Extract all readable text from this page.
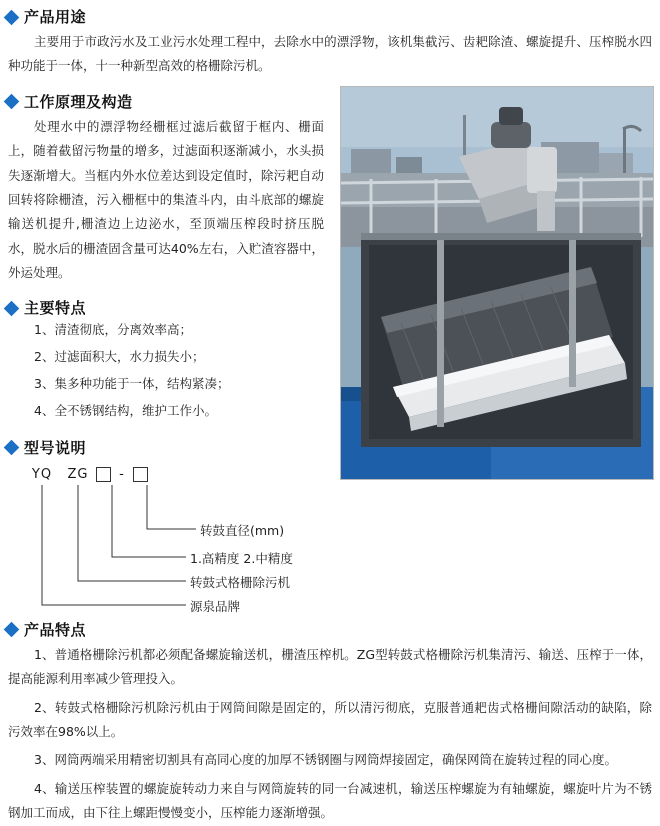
产品用途
主要用于市政污水及工业污水处理工程中，去除水中的漂浮物，该机集截污、齿耙除渣、螺旋提升、压榨脱水四种功能于一体，十一种新型高效的格栅除污机。
工作原理及构造
处理水中的漂浮物经栅框过滤后截留于框内、栅面上，随着截留污物量的增多，过滤面积逐渐减小，水头损失逐渐增大。当框内外水位差达到设定值时，除污耙自动回转将除栅渣，污入栅框中的集渣斗内，由斗底部的螺旋输送机提升,栅渣边上边泌水，至顶端压榨段时挤压脱水，脱水后的栅渣固含量可达40%左右，入贮渣容器中，外运处理。
主要特点
1、清渣彻底，分离效率高；
2、过滤面积大，水力损失小；
3、集多种功能于一体，结构紧凑；
4、全不锈钢结构，维护工作小。
型号说明
YQ	ZG	-
转鼓直径(mm)
1.高精度 2.中精度
转鼓式格栅除污机
源泉品牌
产品特点
1、普通格栅除污机都必须配备螺旋输送机，栅渣压榨机。ZG型转鼓式格栅除污机集清污、输送、压榨于一体，提高能源利用率减少管理投入。
2、转鼓式格栅除污机除污机由于网筒间隙是固定的，所以清污彻底，克服普通耙齿式格栅间隙活动的缺陷，除污效率在98%以上。
3、网筒两端采用精密切割具有高同心度的加厚不锈钢圈与网筒焊接固定，确保网筒在旋转过程的同心度。
4、输送压榨装置的螺旋旋转动力来自与网筒旋转的同一台减速机，输送压榨螺旋为有轴螺旋，螺旋叶片为不锈钢加工而成，由下往上螺距慢慢变小，压榨能力逐渐增强。
